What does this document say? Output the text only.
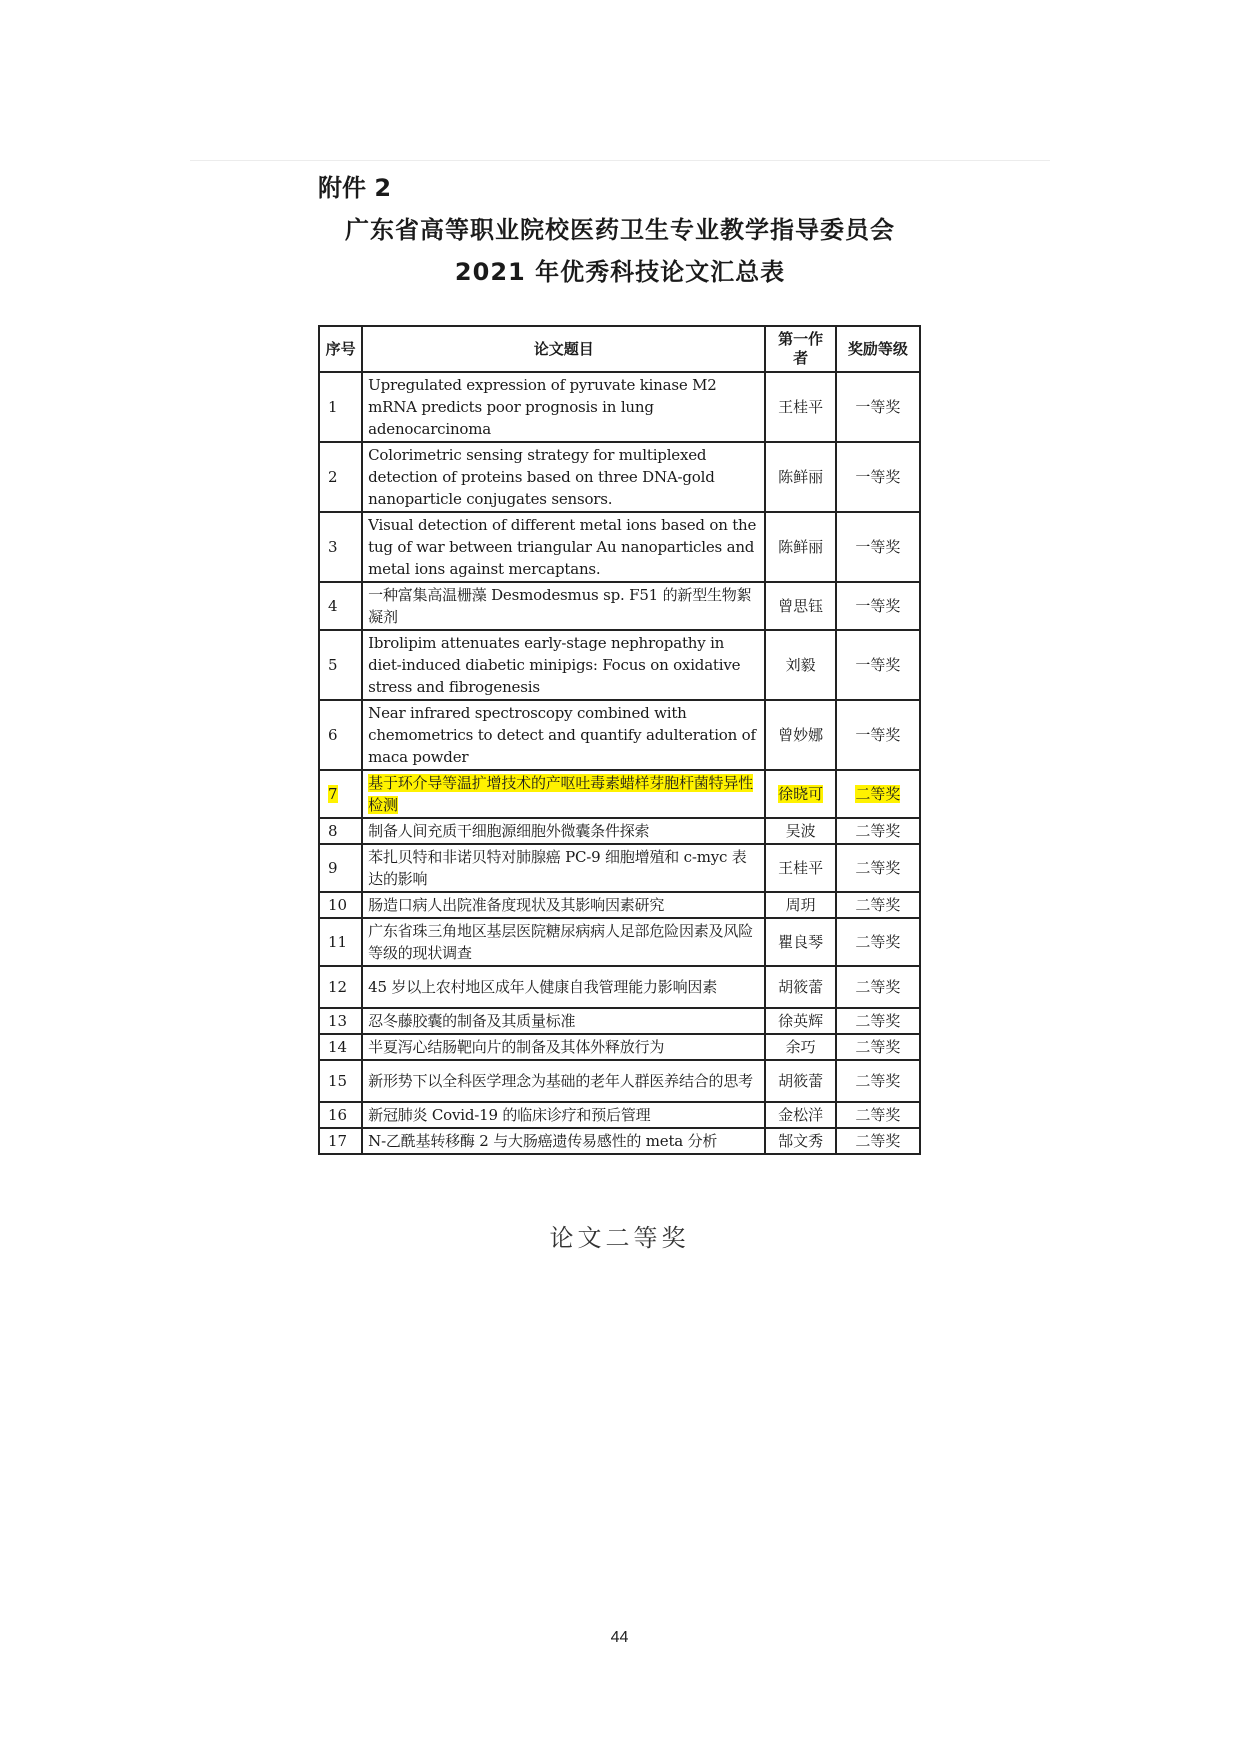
附件 2
广东省高等职业院校医药卫生专业教学指导委员会
2021 年优秀科技论文汇总表
序号	论文题目	第一作者	奖励等级
1	Upregulated expression of pyruvate kinase M2 mRNA predicts poor prognosis in lung adenocarcinoma	王桂平	一等奖
2	Colorimetric sensing strategy for multiplexed detection of proteins based on three DNA-gold nanoparticle conjugates sensors.	陈鲜丽	一等奖
3	Visual detection of different metal ions based on the tug of war between triangular Au nanoparticles and metal ions against mercaptans.	陈鲜丽	一等奖
4	一种富集高温栅藻 Desmodesmus sp. F51 的新型生物絮凝剂	曾思钰	一等奖
5	Ibrolipim attenuates early-stage nephropathy in diet-induced diabetic minipigs: Focus on oxidative stress and fibrogenesis	刘毅	一等奖
6	Near infrared spectroscopy combined with chemometrics to detect and quantify adulteration of maca powder	曾妙娜	一等奖
7	基于环介导等温扩增技术的产呕吐毒素蜡样芽胞杆菌特异性检测	徐晓可	二等奖
8	制备人间充质干细胞源细胞外微囊条件探索	吴波	二等奖
9	苯扎贝特和非诺贝特对肺腺癌 PC-9 细胞增殖和 c-myc 表达的影响	王桂平	二等奖
10	肠造口病人出院准备度现状及其影响因素研究	周玥	二等奖
11	广东省珠三角地区基层医院糖尿病病人足部危险因素及风险等级的现状调查	瞿良琴	二等奖
12	45 岁以上农村地区成年人健康自我管理能力影响因素	胡筱蕾	二等奖
13	忍冬藤胶囊的制备及其质量标准	徐英辉	二等奖
14	半夏泻心结肠靶向片的制备及其体外释放行为	余巧	二等奖
15	新形势下以全科医学理念为基础的老年人群医养结合的思考	胡筱蕾	二等奖
16	新冠肺炎 Covid-19 的临床诊疗和预后管理	金松洋	二等奖
17	N-乙酰基转移酶 2 与大肠癌遗传易感性的 meta 分析	郜文秀	二等奖
论文二等奖
44
